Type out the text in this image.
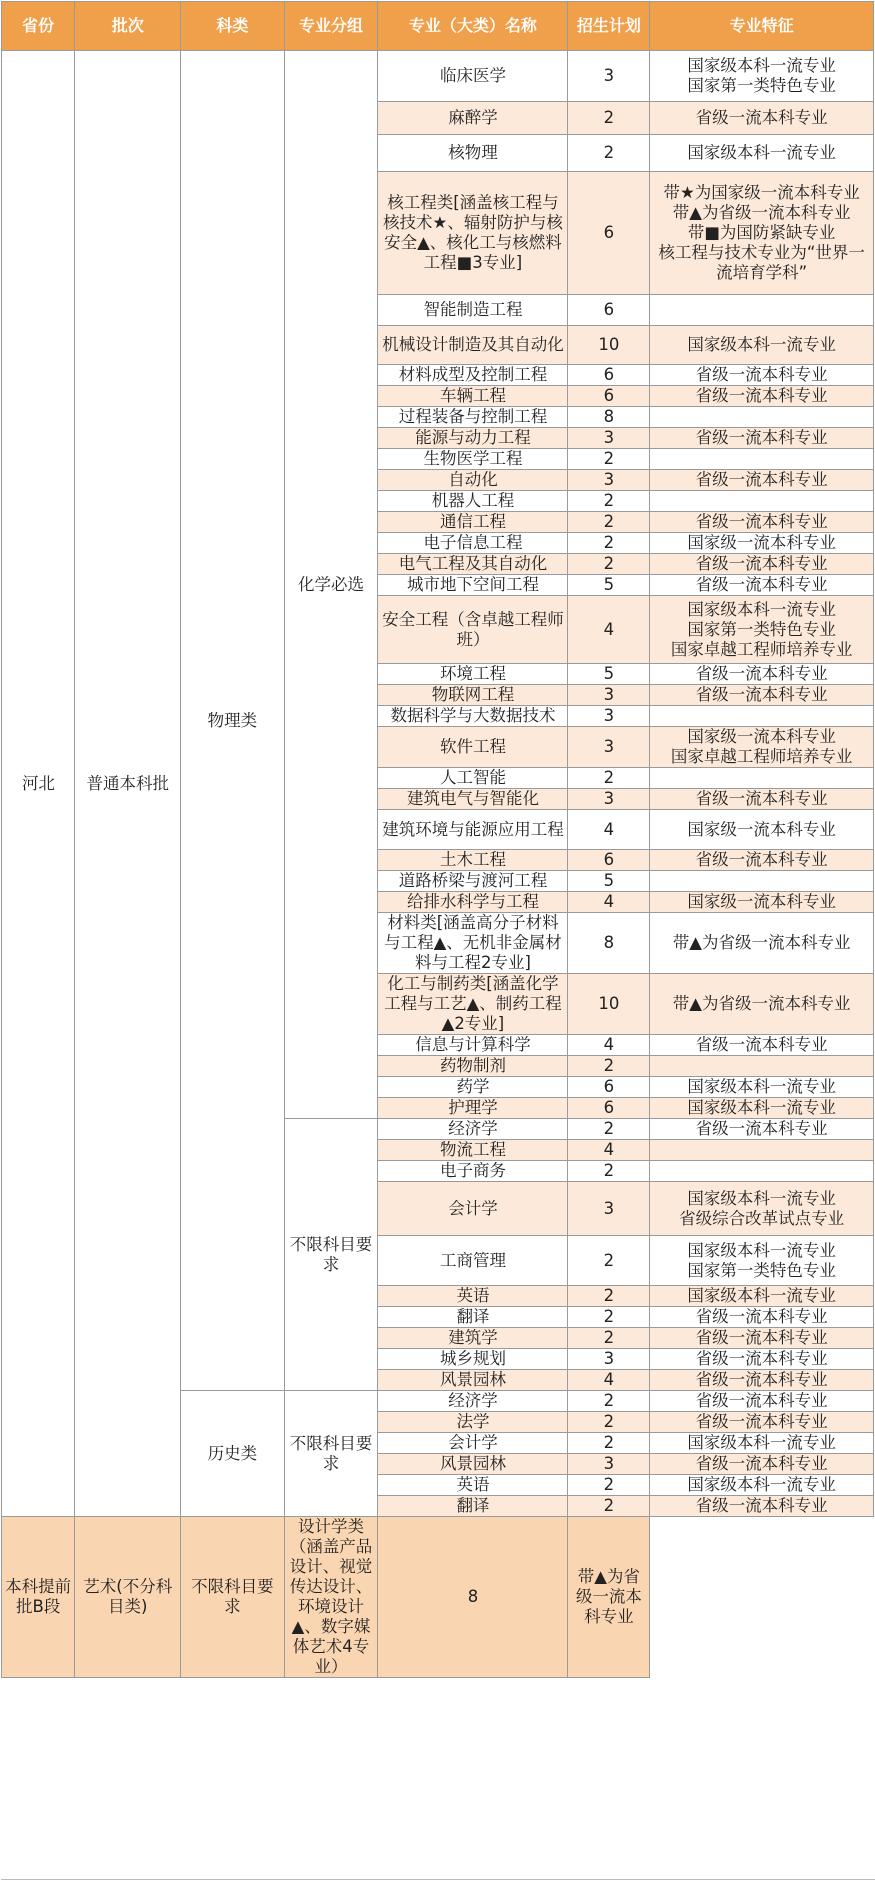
省份	批次	科类	专业分组	专业（大类）名称	招生计划	专业特征
河北	普通本科批	物理类	化学必选	临床医学	3	国家级本科一流专业
国家第一类特色专业
				麻醉学	2	省级一流本科专业
				核物理	2	国家级本科一流专业
				核工程类[涵盖核工程与核技术★、辐射防护与核安全▲、核化工与核燃料工程■3专业]	6	带★为国家级一流本科专业
带▲为省级一流本科专业
带■为国防紧缺专业
核工程与技术专业为“世界一流培育学科”
				智能制造工程	6	
				机械设计制造及其自动化	10	国家级本科一流专业
				材料成型及控制工程	6	省级一流本科专业
				车辆工程	6	省级一流本科专业
				过程装备与控制工程	8	
				能源与动力工程	3	省级一流本科专业
				生物医学工程	2	
				自动化	3	省级一流本科专业
				机器人工程	2	
				通信工程	2	省级一流本科专业
				电子信息工程	2	国家级一流本科专业
				电气工程及其自动化	2	省级一流本科专业
				城市地下空间工程	5	省级一流本科专业
				安全工程（含卓越工程师班）	4	国家级本科一流专业
国家第一类特色专业
国家卓越工程师培养专业
				环境工程	5	省级一流本科专业
				物联网工程	3	省级一流本科专业
				数据科学与大数据技术	3	
				软件工程	3	国家级一流本科专业
国家卓越工程师培养专业
				人工智能	2	
				建筑电气与智能化	3	省级一流本科专业
				建筑环境与能源应用工程	4	国家级一流本科专业
				土木工程	6	省级一流本科专业
				道路桥梁与渡河工程	5	
				给排水科学与工程	4	国家级一流本科专业
				材料类[涵盖高分子材料与工程▲、无机非金属材料与工程2专业]	8	带▲为省级一流本科专业
				化工与制药类[涵盖化学工程与工艺▲、制药工程▲2专业]	10	带▲为省级一流本科专业
				信息与计算科学	4	省级一流本科专业
				药物制剂	2	
				药学	6	国家级本科一流专业
				护理学	6	国家级本科一流专业
			不限科目要求	经济学	2	省级一流本科专业
				物流工程	4	
				电子商务	2	
				会计学	3	国家级本科一流专业
省级综合改革试点专业
				工商管理	2	国家级本科一流专业
国家第一类特色专业
				英语	2	国家级本科一流专业
				翻译	2	省级一流本科专业
				建筑学	2	省级一流本科专业
				城乡规划	3	省级一流本科专业
				风景园林	4	省级一流本科专业
		历史类	不限科目要求	经济学	2	省级一流本科专业
				法学	2	省级一流本科专业
				会计学	2	国家级本科一流专业
				风景园林	3	省级一流本科专业
				英语	2	国家级本科一流专业
				翻译	2	省级一流本科专业
本科提前批B段	艺术(不分科目类)	不限科目要求	设计学类（涵盖产品设计、视觉传达设计、环境设计▲、数字媒体艺术4专业）	8	带▲为省级一流本科专业	
